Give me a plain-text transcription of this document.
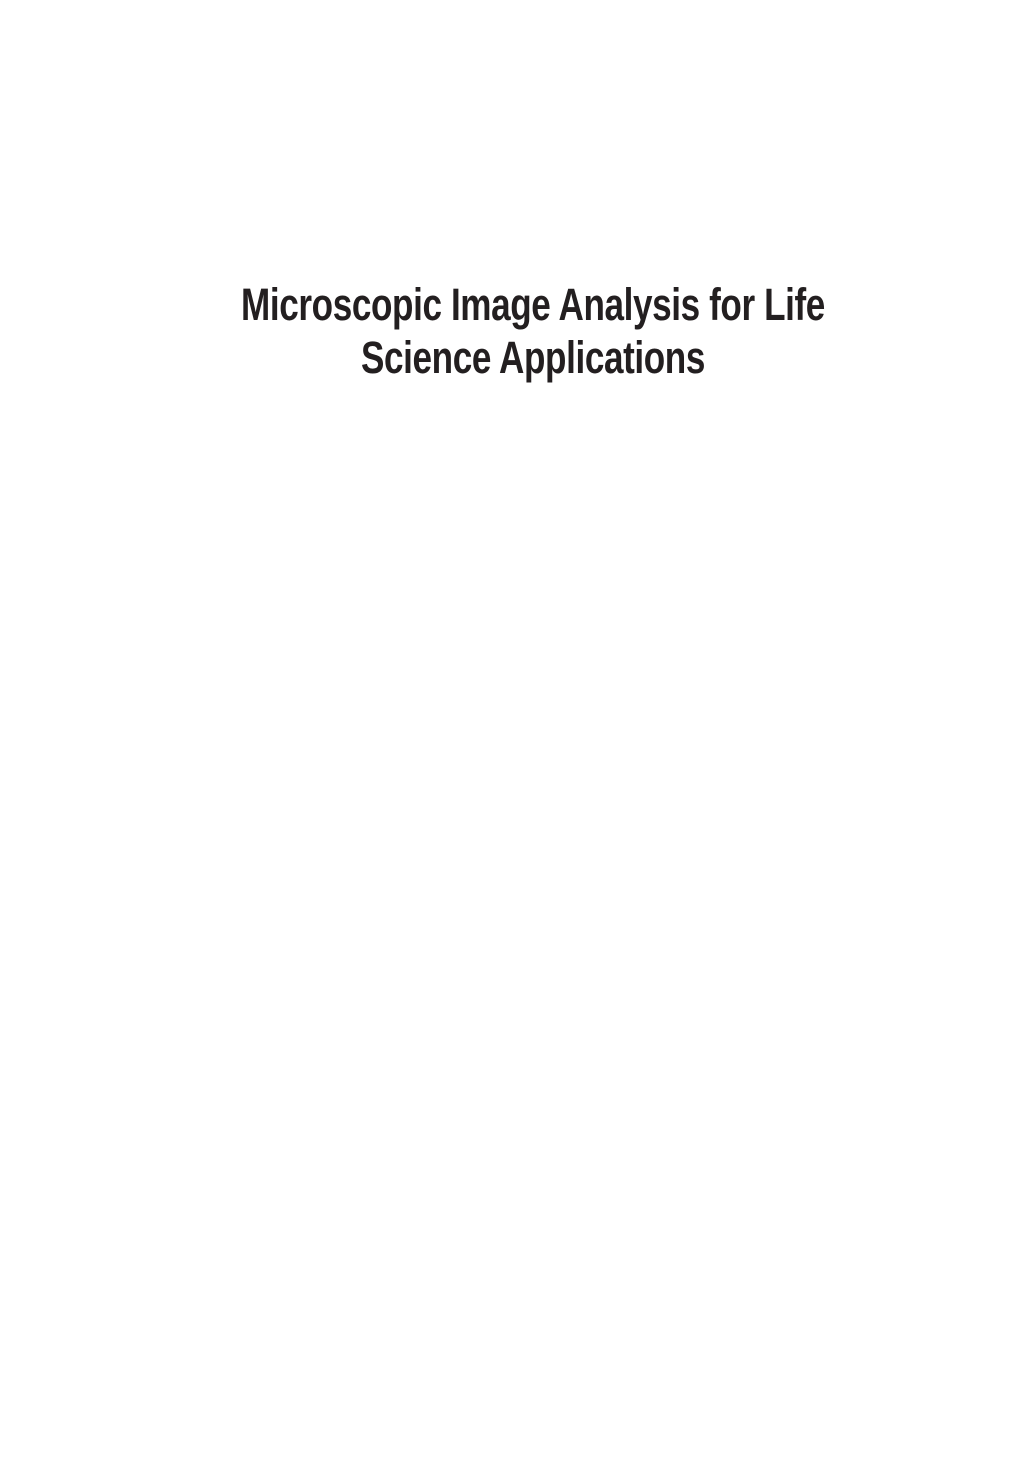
Microscopic Image Analysis for Life
Science Applications
